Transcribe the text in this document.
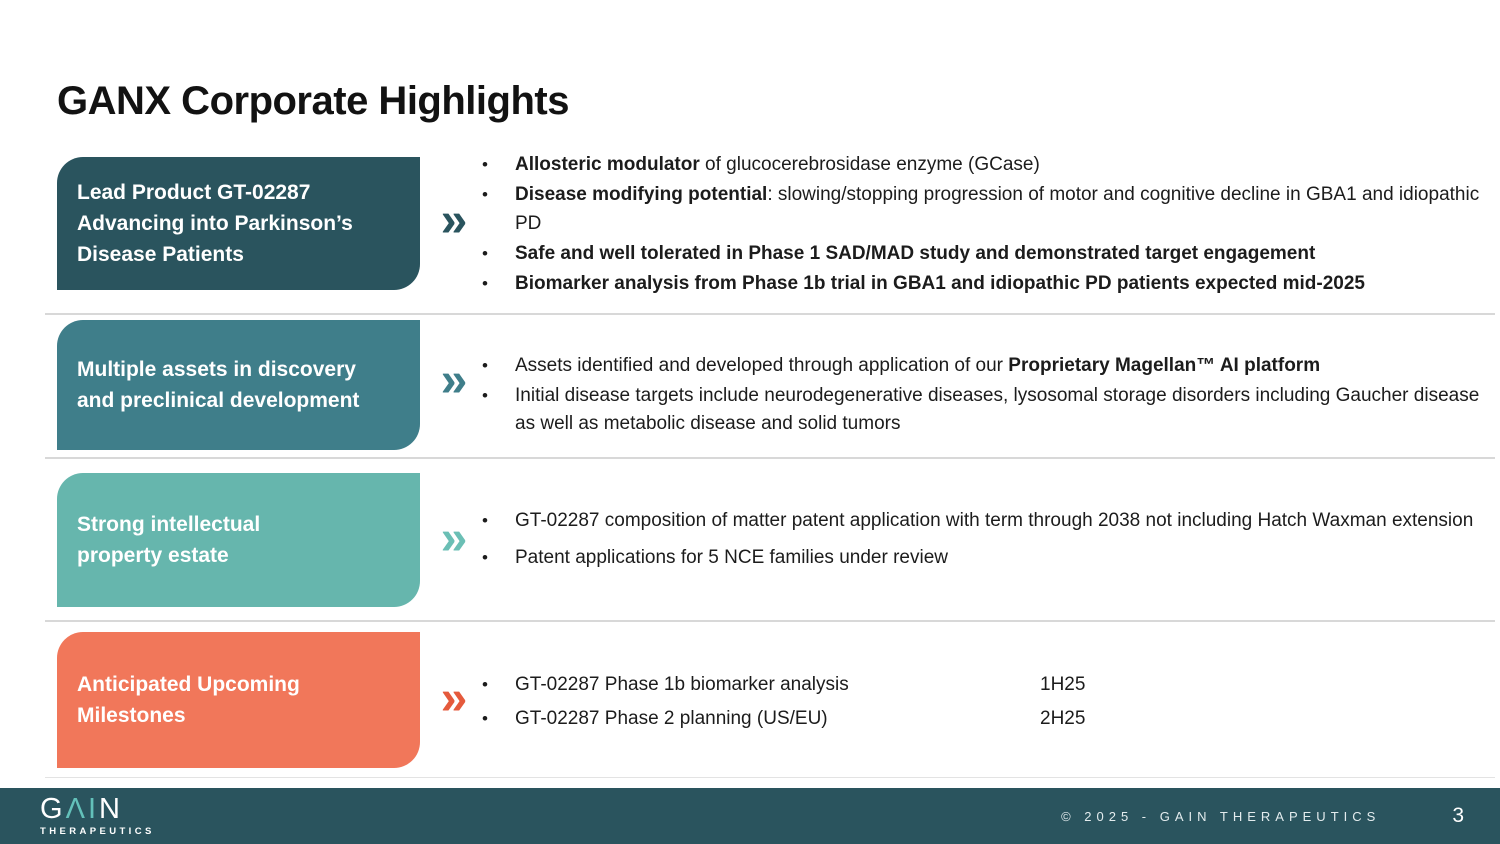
GANX Corporate Highlights
Lead Product GT-02287
Advancing into Parkinson’s
Disease Patients
»
• Allosteric modulator of glucocerebrosidase enzyme (GCase)
• Disease modifying potential: slowing/stopping progression of motor and cognitive decline in GBA1 and idiopathic PD
• Safe and well tolerated in Phase 1 SAD/MAD study and demonstrated target engagement
• Biomarker analysis from Phase 1b trial in GBA1 and idiopathic PD patients expected mid-2025
Multiple assets in discovery
and preclinical development » • Assets identified and developed through application of our Proprietary Magellan™ AI platform
• Initial disease targets include neurodegenerative diseases, lysosomal storage disorders including Gaucher disease as well as metabolic disease and solid tumors
Strong intellectual
property estate	» • GT-02287 composition of matter patent application with term through 2038 not including Hatch Waxman extension
• Patent applications for 5 NCE families under review
Anticipated Upcoming
Milestones	» • GT-02287 Phase 1b biomarker analysis	1H25
• GT-02287 Phase 2 planning (US/EU)	2H25
GΛIN
THERAPEUTICS
© 2025 - GAIN THERAPEUTICS	3
